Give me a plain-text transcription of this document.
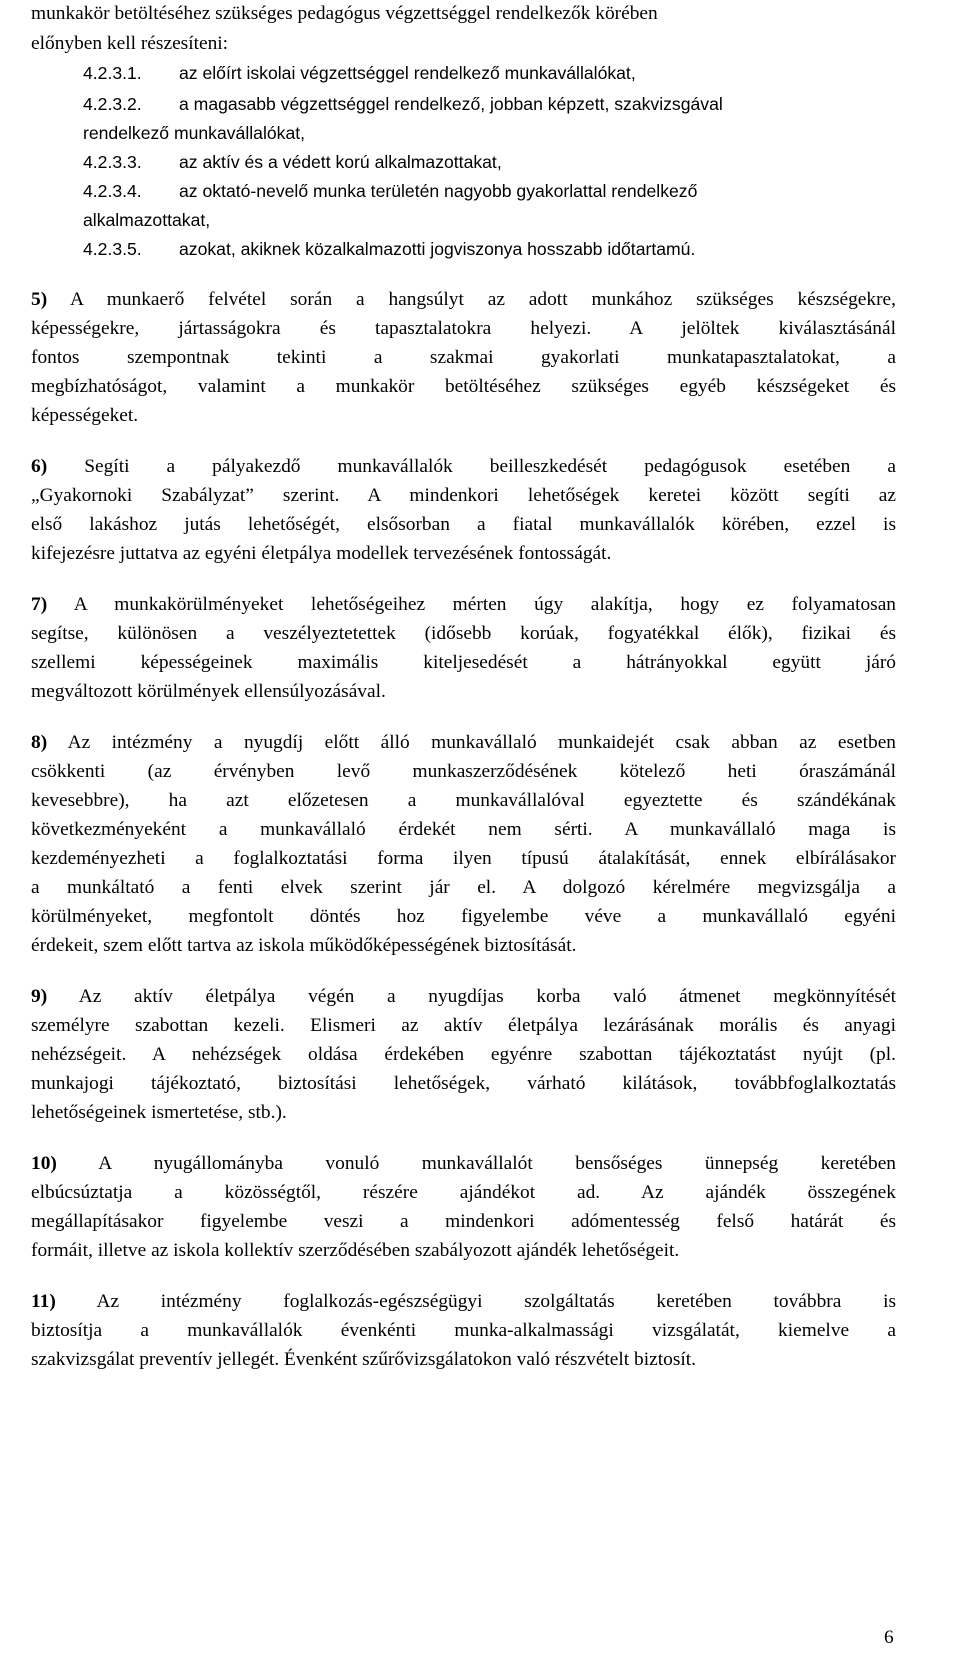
munkakör betöltéséhez szükséges pedagógus végzettséggel rendelkezők körében
előnyben kell részesíteni:
4.2.3.1. az előírt iskolai végzettséggel rendelkező munkavállalókat,
4.2.3.2. a magasabb végzettséggel rendelkező, jobban képzett, szakvizsgával
rendelkező munkavállalókat,
4.2.3.3. az aktív és a védett korú alkalmazottakat,
4.2.3.4. az oktató-nevelő munka területén nagyobb gyakorlattal rendelkező
alkalmazottakat,
4.2.3.5. azokat, akiknek közalkalmazotti jogviszonya hosszabb időtartamú.
5) A munkaerő felvétel során a hangsúlyt az adott munkához szükséges készségekre,
képességekre, jártasságokra és tapasztalatokra helyezi. A jelöltek kiválasztásánál
fontos szempontnak tekinti a szakmai gyakorlati munkatapasztalatokat, a
megbízhatóságot, valamint a munkakör betöltéséhez szükséges egyéb készségeket és
képességeket.
6) Segíti a pályakezdő munkavállalók beilleszkedését pedagógusok esetében a
„Gyakornoki Szabályzat” szerint. A mindenkori lehetőségek keretei között segíti az
első lakáshoz jutás lehetőségét, elsősorban a fiatal munkavállalók körében, ezzel is
kifejezésre juttatva az egyéni életpálya modellek tervezésének fontosságát.
7) A munkakörülményeket lehetőségeihez mérten úgy alakítja, hogy ez folyamatosan
segítse, különösen a veszélyeztetettek (idősebb korúak, fogyatékkal élők), fizikai és
szellemi képességeinek maximális kiteljesedését a hátrányokkal együtt járó
megváltozott körülmények ellensúlyozásával.
8) Az intézmény a nyugdíj előtt álló munkavállaló munkaidejét csak abban az esetben
csökkenti (az érvényben levő munkaszerződésének kötelező heti óraszámánál
kevesebbre), ha azt előzetesen a munkavállalóval egyeztette és szándékának
következményeként a munkavállaló érdekét nem sérti. A munkavállaló maga is
kezdeményezheti a foglalkoztatási forma ilyen típusú átalakítását, ennek elbírálásakor
a munkáltató a fenti elvek szerint jár el. A dolgozó kérelmére megvizsgálja a
körülményeket, megfontolt döntés hoz figyelembe véve a munkavállaló egyéni
érdekeit, szem előtt tartva az iskola működőképességének biztosítását.
9) Az aktív életpálya végén a nyugdíjas korba való átmenet megkönnyítését
személyre szabottan kezeli. Elismeri az aktív életpálya lezárásának morális és anyagi
nehézségeit. A nehézségek oldása érdekében egyénre szabottan tájékoztatást nyújt (pl.
munkajogi tájékoztató, biztosítási lehetőségek, várható kilátások, továbbfoglalkoztatás
lehetőségeinek ismertetése, stb.).
10) A nyugállományba vonuló munkavállalót bensőséges ünnepség keretében
elbúcsúztatja a közösségtől, részére ajándékot ad. Az ajándék összegének
megállapításakor figyelembe veszi a mindenkori adómentesség felső határát és
formáit, illetve az iskola kollektív szerződésében szabályozott ajándék lehetőségeit.
11) Az intézmény foglalkozás-egészségügyi szolgáltatás keretében továbbra is
biztosítja a munkavállalók évenkénti munka-alkalmassági vizsgálatát, kiemelve a
szakvizsgálat preventív jellegét. Évenként szűrővizsgálatokon való részvételt biztosít.
6
